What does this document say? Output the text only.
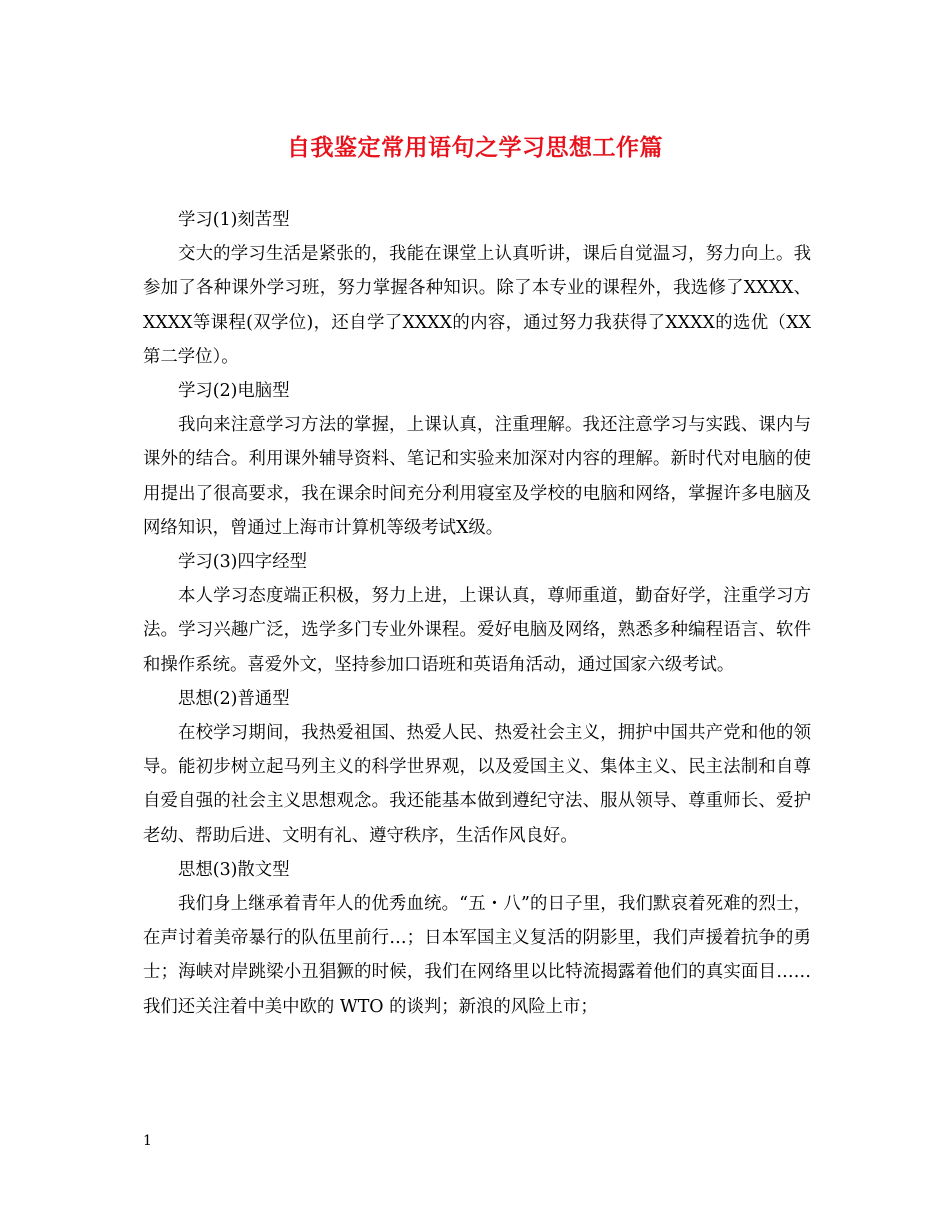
自我鉴定常用语句之学习思想工作篇

学习(1)刻苦型

交大的学习生活是紧张的，我能在课堂上认真听讲，课后自觉温习，努力向上。我参加了各种课外学习班，努力掌握各种知识。除了本专业的课程外，我选修了XXXX、XXXX等课程(双学位)，还自学了XXXX的内容，通过努力我获得了XXXX的选优（XX第二学位）。

学习(2)电脑型

我向来注意学习方法的掌握，上课认真，注重理解。我还注意学习与实践、课内与课外的结合。利用课外辅导资料、笔记和实验来加深对内容的理解。新时代对电脑的使用提出了很高要求，我在课余时间充分利用寝室及学校的电脑和网络，掌握许多电脑及网络知识，曾通过上海市计算机等级考试X级。

学习(3)四字经型

本人学习态度端正积极，努力上进，上课认真，尊师重道，勤奋好学，注重学习方法。学习兴趣广泛，选学多门专业外课程。爱好电脑及网络，熟悉多种编程语言、软件和操作系统。喜爱外文，坚持参加口语班和英语角活动，通过国家六级考试。

思想(2)普通型

在校学习期间，我热爱祖国、热爱人民、热爱社会主义，拥护中国共产党和他的领导。能初步树立起马列主义的科学世界观，以及爱国主义、集体主义、民主法制和自尊自爱自强的社会主义思想观念。我还能基本做到遵纪守法、服从领导、尊重师长、爱护老幼、帮助后进、文明有礼、遵守秩序，生活作风良好。

思想(3)散文型

我们身上继承着青年人的优秀血统。“五・八”的日子里，我们默哀着死难的烈士，在声讨着美帝暴行的队伍里前行…；日本军国主义复活的阴影里，我们声援着抗争的勇士；海峡对岸跳梁小丑猖獗的时候，我们在网络里以比特流揭露着他们的真实面目……我们还关注着中美中欧的 WTO 的谈判；新浪的风险上市；

1
